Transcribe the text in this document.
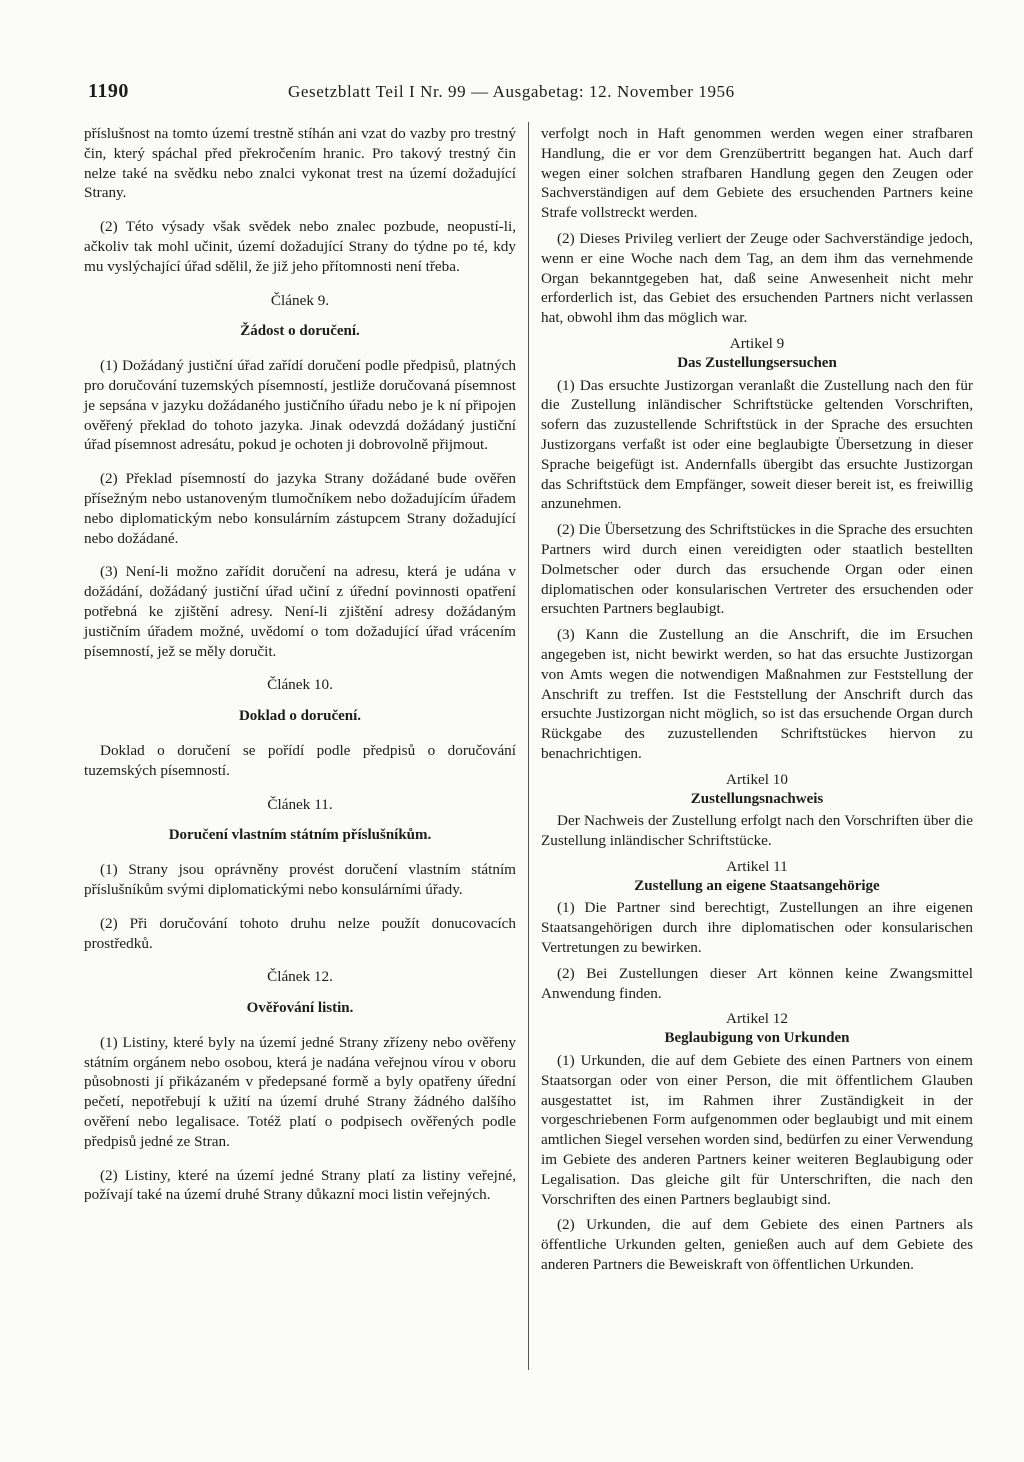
1190	Gesetzblatt Teil I Nr. 99 — Ausgabetag: 12. November 1956

příslušnost na tomto území trestně stíhán ani vzat do vazby pro trestný čin, který spáchal před překročením hranic. Pro takový trestný čin nelze také na svědku nebo znalci vykonat trest na území dožadující Strany.

(2) Této výsady však svědek nebo znalec pozbude, neopustí-li, ačkoliv tak mohl učinit, území dožadující Strany do týdne po té, kdy mu vyslýchající úřad sdělil, že již jeho přítomnosti není třeba.

Článek 9.
Žádost o doručení.

(1) Dožádaný justiční úřad zařídí doručení podle předpisů, platných pro doručování tuzemských písemností, jestliže doručovaná písemnost je sepsána v jazyku dožádaného justičního úřadu nebo je k ní připojen ověřený překlad do tohoto jazyka. Jinak odevzdá dožádaný justiční úřad písemnost adresátu, pokud je ochoten ji dobrovolně přijmout.

(2) Překlad písemností do jazyka Strany dožádané bude ověřen přísežným nebo ustanoveným tlumočníkem nebo dožadujícím úřadem nebo diplomatickým nebo konsulárním zástupcem Strany dožadující nebo dožádané.

(3) Není-li možno zařídit doručení na adresu, která je udána v dožádání, dožádaný justiční úřad učiní z úřední povinnosti opatření potřebná ke zjištění adresy. Není-li zjištění adresy dožádaným justičním úřadem možné, uvědomí o tom dožadující úřad vrácením písemností, jež se měly doručit.

Článek 10.
Doklad o doručení.

Doklad o doručení se pořídí podle předpisů o doručování tuzemských písemností.

Článek 11.
Doručení vlastním státním příslušníkům.

(1) Strany jsou oprávněny provést doručení vlastním státním příslušníkům svými diplomatickými nebo konsulárními úřady.

(2) Při doručování tohoto druhu nelze použít donucovacích prostředků.

Článek 12.
Ověřování listin.

(1) Listiny, které byly na území jedné Strany zřízeny nebo ověřeny státním orgánem nebo osobou, která je nadána veřejnou vírou v oboru působnosti jí přikázaném v předepsané formě a byly opatřeny úřední pečetí, nepotřebují k užití na území druhé Strany žádného dalšího ověření nebo legalisace. Totéž platí o podpisech ověřených podle předpisů jedné ze Stran.

(2) Listiny, které na území jedné Strany platí za listiny veřejné, požívají také na území druhé Strany důkazní moci listin veřejných.

verfolgt noch in Haft genommen werden wegen einer strafbaren Handlung, die er vor dem Grenzübertritt begangen hat. Auch darf wegen einer solchen strafbaren Handlung gegen den Zeugen oder Sachverständigen auf dem Gebiete des ersuchenden Partners keine Strafe vollstreckt werden.

(2) Dieses Privileg verliert der Zeuge oder Sachverständige jedoch, wenn er eine Woche nach dem Tag, an dem ihm das vernehmende Organ bekanntgegeben hat, daß seine Anwesenheit nicht mehr erforderlich ist, das Gebiet des ersuchenden Partners nicht verlassen hat, obwohl ihm das möglich war.

Artikel 9
Das Zustellungsersuchen

(1) Das ersuchte Justizorgan veranlaßt die Zustellung nach den für die Zustellung inländischer Schriftstücke geltenden Vorschriften, sofern das zuzustellende Schriftstück in der Sprache des ersuchten Justizorgans verfaßt ist oder eine beglaubigte Übersetzung in dieser Sprache beigefügt ist. Andernfalls übergibt das ersuchte Justizorgan das Schriftstück dem Empfänger, soweit dieser bereit ist, es freiwillig anzunehmen.

(2) Die Übersetzung des Schriftstückes in die Sprache des ersuchten Partners wird durch einen vereidigten oder staatlich bestellten Dolmetscher oder durch das ersuchende Organ oder einen diplomatischen oder konsularischen Vertreter des ersuchenden oder ersuchten Partners beglaubigt.

(3) Kann die Zustellung an die Anschrift, die im Ersuchen angegeben ist, nicht bewirkt werden, so hat das ersuchte Justizorgan von Amts wegen die notwendigen Maßnahmen zur Feststellung der Anschrift zu treffen. Ist die Feststellung der Anschrift durch das ersuchte Justizorgan nicht möglich, so ist das ersuchende Organ durch Rückgabe des zuzustellenden Schriftstückes hiervon zu benachrichtigen.

Artikel 10
Zustellungsnachweis

Der Nachweis der Zustellung erfolgt nach den Vorschriften über die Zustellung inländischer Schriftstücke.

Artikel 11
Zustellung an eigene Staatsangehörige

(1) Die Partner sind berechtigt, Zustellungen an ihre eigenen Staatsangehörigen durch ihre diplomatischen oder konsularischen Vertretungen zu bewirken.

(2) Bei Zustellungen dieser Art können keine Zwangsmittel Anwendung finden.

Artikel 12
Beglaubigung von Urkunden

(1) Urkunden, die auf dem Gebiete des einen Partners von einem Staatsorgan oder von einer Person, die mit öffentlichem Glauben ausgestattet ist, im Rahmen ihrer Zuständigkeit in der vorgeschriebenen Form aufgenommen oder beglaubigt und mit einem amtlichen Siegel versehen worden sind, bedürfen zu einer Verwendung im Gebiete des anderen Partners keiner weiteren Beglaubigung oder Legalisation. Das gleiche gilt für Unterschriften, die nach den Vorschriften des einen Partners beglaubigt sind.

(2) Urkunden, die auf dem Gebiete des einen Partners als öffentliche Urkunden gelten, genießen auch auf dem Gebiete des anderen Partners die Beweiskraft von öffentlichen Urkunden.
